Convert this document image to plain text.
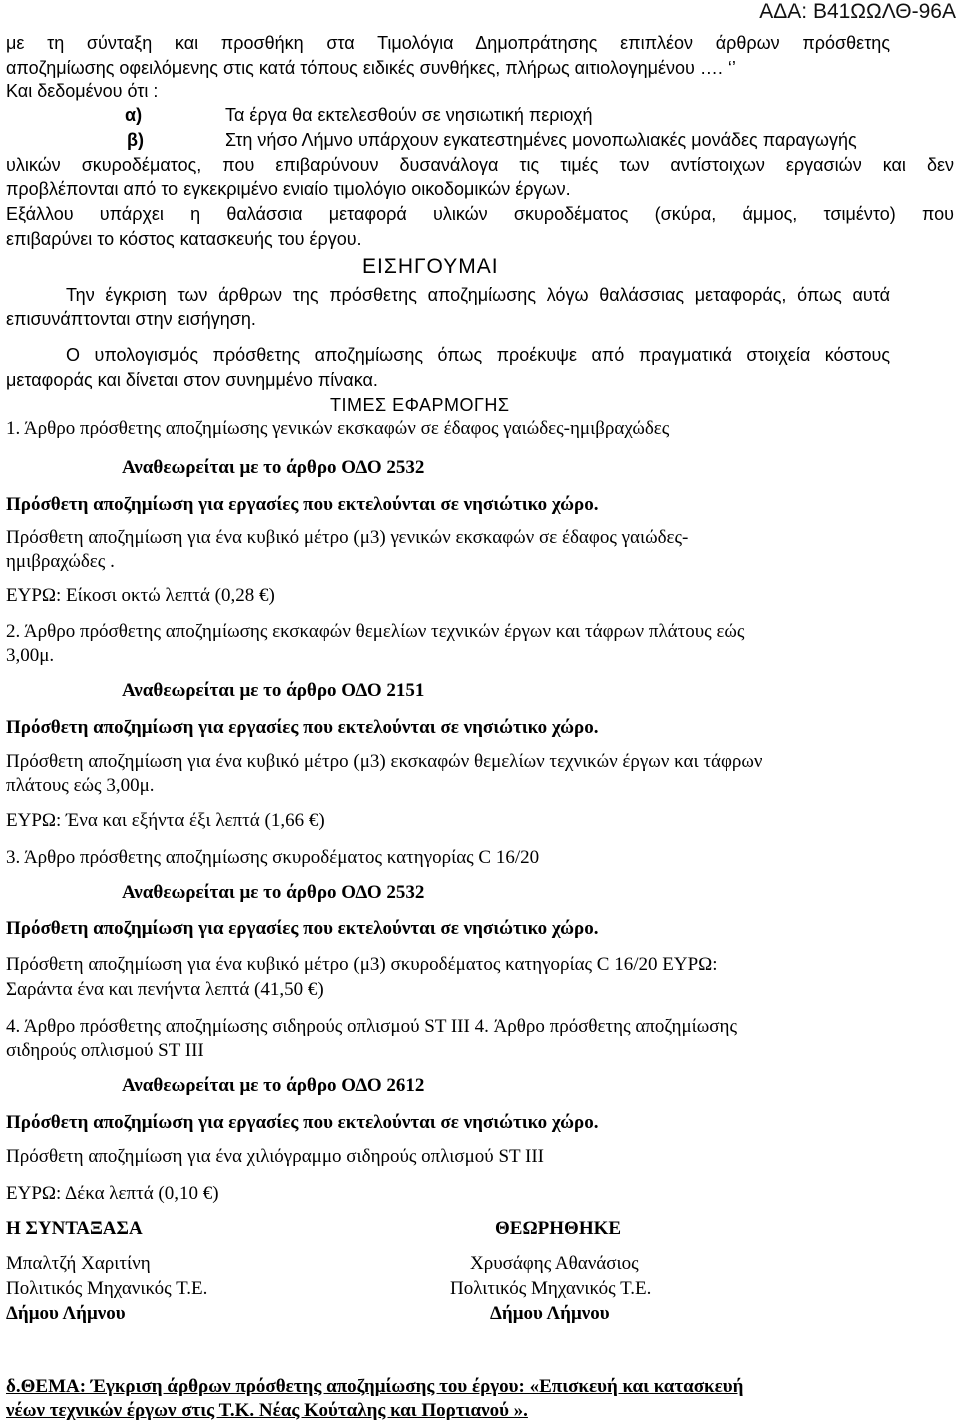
ΑΔΑ: Β41ΩΩΛΘ-96Α
με τη σύνταξη και προσθήκη στα Τιμολόγια Δημοπράτησης επιπλέον άρθρων πρόσθετης
αποζημίωσης οφειλόμενης στις κατά τόπους ειδικές συνθήκες, πλήρως αιτιολογημένου …. ‘’
Και δεδομένου ότι :
α)	Τα έργα θα εκτελεσθούν σε νησιωτική περιοχή
β)	Στη νήσο Λήμνο υπάρχουν εγκατεστημένες μονοπωλιακές μονάδες παραγωγής
υλικών σκυροδέματος, που επιβαρύνουν δυσανάλογα τις τιμές των αντίστοιχων εργασιών και δεν
προβλέπονται από το εγκεκριμένο ενιαίο τιμολόγιο οικοδομικών έργων.
Εξάλλου υπάρχει η θαλάσσια μεταφορά υλικών σκυροδέματος (σκύρα, άμμος, τσιμέντο) που
επιβαρύνει το κόστος κατασκευής του έργου.
ΕΙΣΗΓΟΥΜΑΙ
Την έγκριση των άρθρων της πρόσθετης αποζημίωσης λόγω θαλάσσιας μεταφοράς, όπως αυτά
επισυνάπτονται στην εισήγηση.
Ο υπολογισμός πρόσθετης αποζημίωσης όπως προέκυψε από πραγματικά στοιχεία κόστους
μεταφοράς και δίνεται στον συνημμένο πίνακα.
ΤΙΜΕΣ ΕΦΑΡΜΟΓΗΣ
1. Άρθρο πρόσθετης αποζημίωσης γενικών εκσκαφών σε έδαφος γαιώδες-ημιβραχώδες
Αναθεωρείται με το άρθρο ΟΔΟ 2532
Πρόσθετη αποζημίωση για εργασίες που εκτελούνται σε νησιώτικο χώρο.
Πρόσθετη αποζημίωση για ένα κυβικό μέτρο (μ3) γενικών εκσκαφών σε έδαφος γαιώδες-
ημιβραχώδες .
ΕΥΡΩ: Είκοσι οκτώ λεπτά (0,28 €)
2. Άρθρο πρόσθετης αποζημίωσης εκσκαφών θεμελίων τεχνικών έργων και τάφρων πλάτους εώς
3,00μ.
Αναθεωρείται με το άρθρο ΟΔΟ 2151
Πρόσθετη αποζημίωση για εργασίες που εκτελούνται σε νησιώτικο χώρο.
Πρόσθετη αποζημίωση για ένα κυβικό μέτρο (μ3) εκσκαφών θεμελίων τεχνικών έργων και τάφρων
πλάτους εώς 3,00μ.
ΕΥΡΩ: Ένα και εξήντα έξι λεπτά (1,66 €)
3. Άρθρο πρόσθετης αποζημίωσης σκυροδέματος κατηγορίας C 16/20
Αναθεωρείται με το άρθρο ΟΔΟ 2532
Πρόσθετη αποζημίωση για εργασίες που εκτελούνται σε νησιώτικο χώρο.
Πρόσθετη αποζημίωση για ένα κυβικό μέτρο (μ3) σκυροδέματος κατηγορίας C 16/20 ΕΥΡΩ:
Σαράντα ένα και πενήντα λεπτά (41,50 €)
4. Άρθρο πρόσθετης αποζημίωσης σιδηρούς οπλισμού ST III 4. Άρθρο πρόσθετης αποζημίωσης
σιδηρούς οπλισμού ST III
Αναθεωρείται με το άρθρο ΟΔΟ 2612
Πρόσθετη αποζημίωση για εργασίες που εκτελούνται σε νησιώτικο χώρο.
Πρόσθετη αποζημίωση για ένα χιλιόγραμμο σιδηρούς οπλισμού ST III
ΕΥΡΩ: Δέκα λεπτά (0,10 €)
Η ΣΥΝΤΑΞΑΣΑ	ΘΕΩΡΗΘΗΚΕ
Μπαλτζή Χαριτίνη	Χρυσάφης Αθανάσιος
Πολιτικός Μηχανικός Τ.Ε.	Πολιτικός Μηχανικός Τ.Ε.
Δήμου Λήμνου	Δήμου Λήμνου
δ.ΘΕΜΑ: Έγκριση άρθρων πρόσθετης αποζημίωσης του έργου: «Επισκευή και κατασκευή
νέων τεχνικών έργων στις Τ.Κ. Νέας Κούταλης και Πορτιανού ».
